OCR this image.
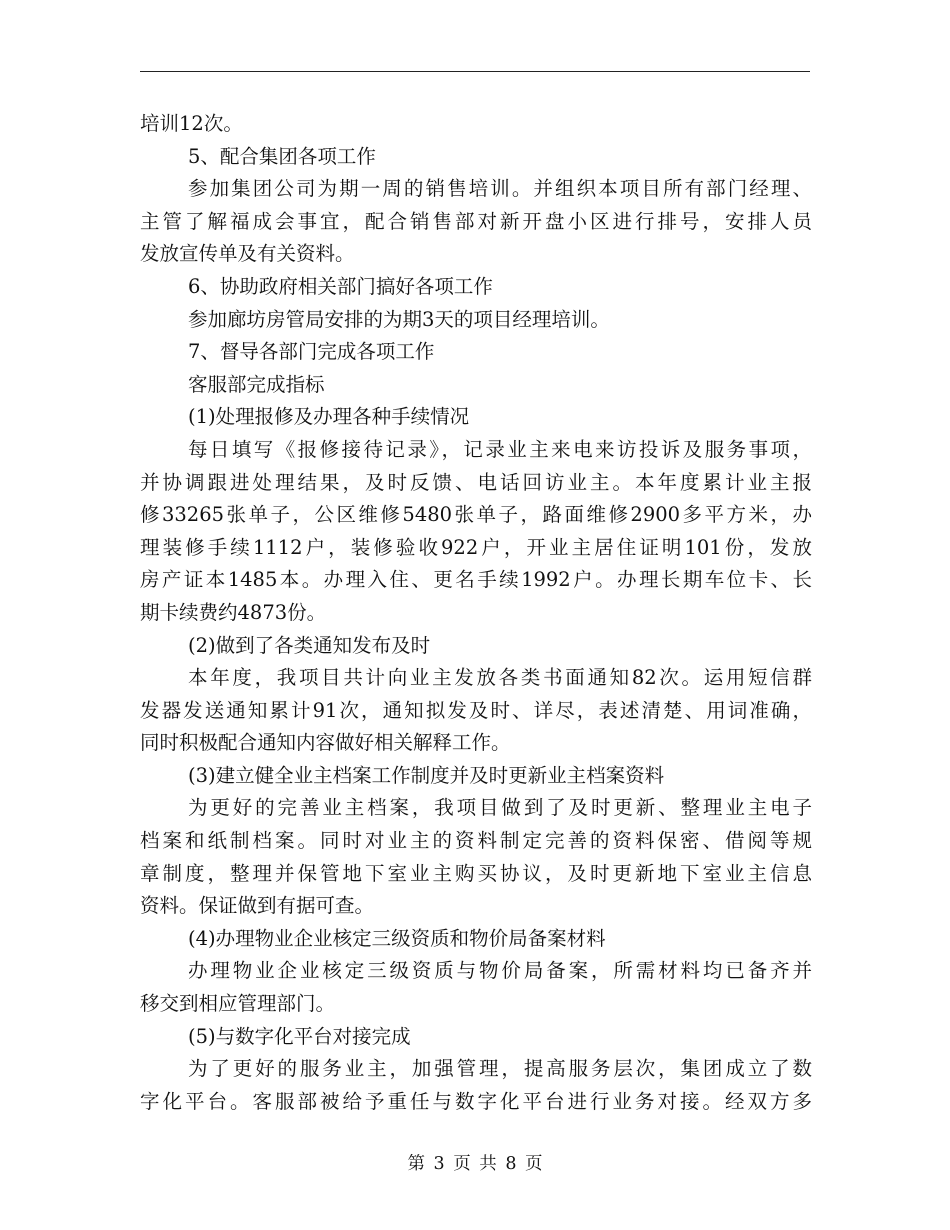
培训12次。
5、配合集团各项工作
参加集团公司为期一周的销售培训。并组织本项目所有部门经理、
主管了解福成会事宜，配合销售部对新开盘小区进行排号，安排人员
发放宣传单及有关资料。
6、协助政府相关部门搞好各项工作
参加廊坊房管局安排的为期3天的项目经理培训。
7、督导各部门完成各项工作
客服部完成指标
(1)处理报修及办理各种手续情况
每日填写《报修接待记录》，记录业主来电来访投诉及服务事项，
并协调跟进处理结果，及时反馈、电话回访业主。本年度累计业主报
修33265张单子，公区维修5480张单子，路面维修2900多平方米，办
理装修手续1112户，装修验收922户，开业主居住证明101份，发放
房产证本1485本。办理入住、更名手续1992户。办理长期车位卡、长
期卡续费约4873份。
(2)做到了各类通知发布及时
本年度，我项目共计向业主发放各类书面通知82次。运用短信群
发器发送通知累计91次，通知拟发及时、详尽，表述清楚、用词准确，
同时积极配合通知内容做好相关解释工作。
(3)建立健全业主档案工作制度并及时更新业主档案资料
为更好的完善业主档案，我项目做到了及时更新、整理业主电子
档案和纸制档案。同时对业主的资料制定完善的资料保密、借阅等规
章制度，整理并保管地下室业主购买协议，及时更新地下室业主信息
资料。保证做到有据可查。
(4)办理物业企业核定三级资质和物价局备案材料
办理物业企业核定三级资质与物价局备案，所需材料均已备齐并
移交到相应管理部门。
(5)与数字化平台对接完成
为了更好的服务业主，加强管理，提高服务层次，集团成立了数
字化平台。客服部被给予重任与数字化平台进行业务对接。经双方多
第 3 页 共 8 页
